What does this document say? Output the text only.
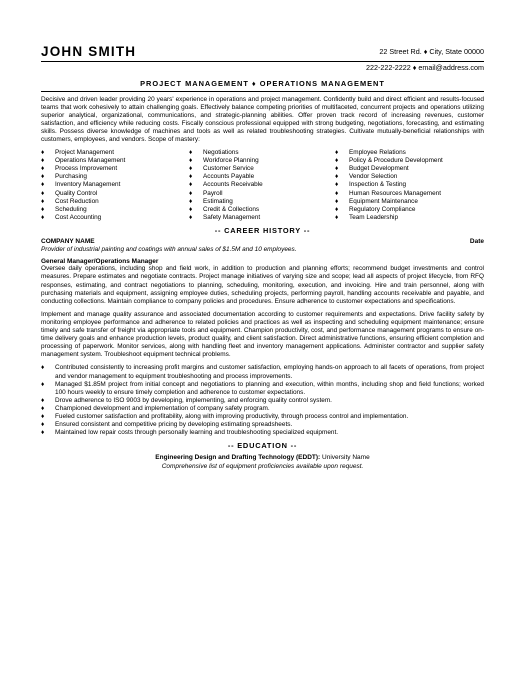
JOHN SMITH	22 Street Rd. ♦ City, State 00000
222-222-2222 ♦ email@address.com
PROJECT MANAGEMENT ♦ OPERATIONS MANAGEMENT

Decisive and driven leader providing 20 years' experience in operations and project management. Confidently build and direct efficient and results-focused teams that work cohesively to attain challenging goals. Effectively balance competing priorities of multifaceted, concurrent projects and operations utilizing superior analytical, organizational, communications, and strategic-planning abilities. Offer proven track record of increasing revenues, customer satisfaction, and efficiency while reducing costs. Fiscally conscious professional equipped with strong budgeting, negotiations, forecasting, and estimating skills. Possess diverse knowledge of machines and tools as well as related troubleshooting strategies. Cultivate mutually-beneficial relationships with customers, employees, and vendors. Scope of mastery:

♦ Project Management
♦ Operations Management
♦ Process Improvement
♦ Purchasing
♦ Inventory Management
♦ Quality Control
♦ Cost Reduction
♦ Scheduling
♦ Cost Accounting
♦ Negotiations
♦ Workforce Planning
♦ Customer Service
♦ Accounts Payable
♦ Accounts Receivable
♦ Payroll
♦ Estimating
♦ Credit & Collections
♦ Safety Management
♦ Employee Relations
♦ Policy & Procedure Development
♦ Budget Development
♦ Vendor Selection
♦ Inspection & Testing
♦ Human Resources Management
♦ Equipment Maintenance
♦ Regulatory Compliance
♦ Team Leadership
-- CAREER HISTORY --
COMPANY NAME	Date

Provider of industrial painting and coatings with annual sales of $1.5M and 10 employees.

General Manager/Operations Manager

Oversee daily operations, including shop and field work, in addition to production and planning efforts; recommend budget investments and control measures. Prepare estimates and negotiate contracts. Project manage initiatives of varying size and scope; lead all aspects of project lifecycle, from RFQ responses, estimating, and contract negotiations to planning, scheduling, monitoring, execution, and invoicing. Hire and train personnel, along with purchasing materials and equipment, assigning employee duties, scheduling projects, performing payroll, handling accounts receivable and payable, and conducting collections. Maintain compliance to company policies and procedures. Ensure adherence to customer expectations and specifications.

Implement and manage quality assurance and associated documentation according to customer requirements and expectations. Drive facility safety by monitoring employee performance and adherence to related policies and practices as well as inspecting and scheduling equipment maintenance; ensure timely and safe transfer of freight via appropriate tools and equipment. Champion productivity, cost, and performance management programs to ensure on-time delivery goals and enhance production levels, product quality, and client satisfaction. Direct administrative functions, ensuring efficient completion and processing of paperwork. Monitor services, along with handling fleet and inventory management applications. Administer contractor and supplier safety management system. Troubleshoot equipment technical problems.

♦ Contributed consistently to increasing profit margins and customer satisfaction, employing hands-on approach to all facets of operations, from project and vendor management to equipment troubleshooting and process improvements.
♦ Managed $1.85M project from initial concept and negotiations to planning and execution, within months, including shop and field functions; worked 100 hours weekly to ensure timely completion and adherence to customer expectations.
♦ Drove adherence to ISO 9003 by developing, implementing, and enforcing quality control system.
♦ Championed development and implementation of company safety program.
♦ Fueled customer satisfaction and profitability, along with improving productivity, through process control and implementation.
♦ Ensured consistent and competitive pricing by developing estimating spreadsheets.
♦ Maintained low repair costs through personally learning and troubleshooting specialized equipment.
-- EDUCATION --
Engineering Design and Drafting Technology (EDDT): University Name
Comprehensive list of equipment proficiencies available upon request.
